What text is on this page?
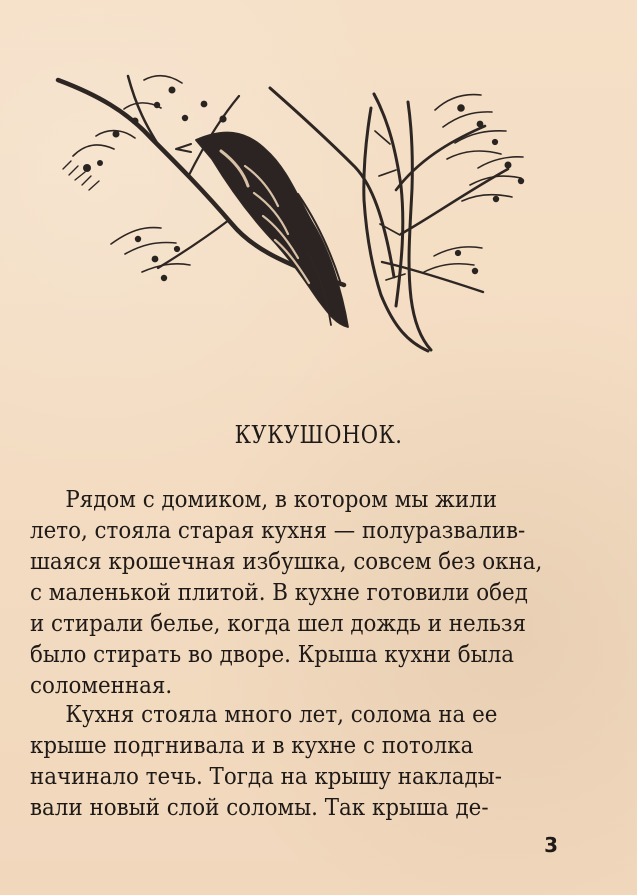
КУКУШОНОК.
Рядом с домиком, в котором мы жили
лето, стояла старая кухня — полуразвалив-
шаяся крошечная избушка, совсем без окна,
с маленькой плитой. В кухне готовили обед
и стирали белье, когда шел дождь и нельзя
было стирать во дворе. Крыша кухни была
соломенная.
Кухня стояла много лет, солома на ее
крыше подгнивала и в кухне с потолка
начинало течь. Тогда на крышу наклады-
вали новый слой соломы. Так крыша де-
3
